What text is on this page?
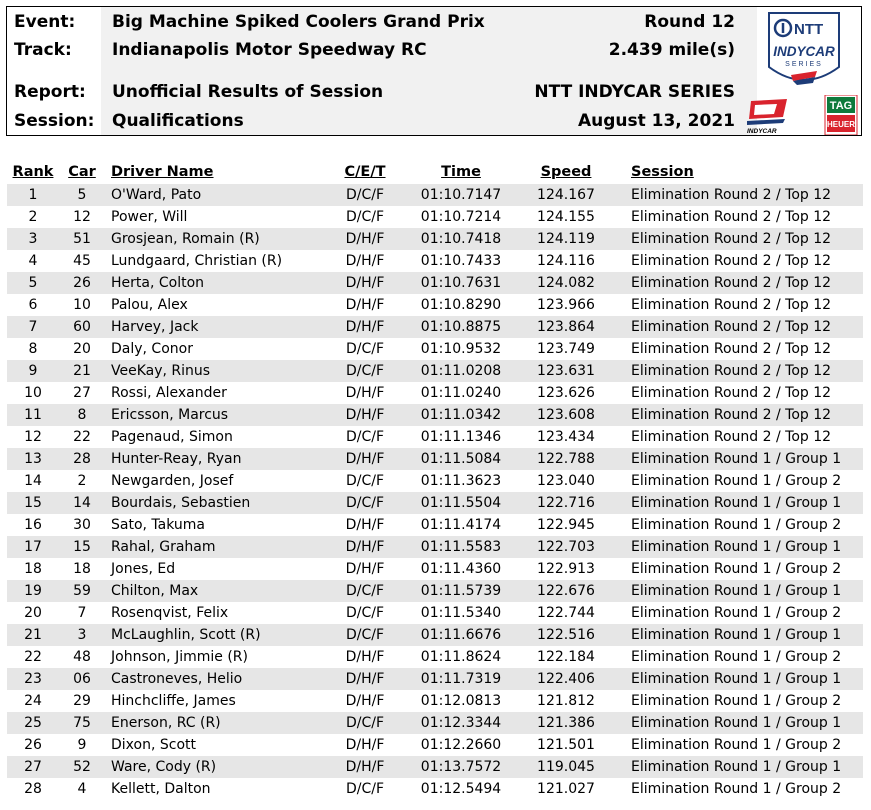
Event: Big Machine Spiked Coolers Grand Prix	Round 12
Track: Indianapolis Motor Speedway RC	2.439 mile(s)
Report: Unofficial Results of Session	NTT INDYCAR SERIES
Session: Qualifications	August 13, 2021
NTT
INDYCAR
SERIES
INDYCAR
TAG
HEUER
Rank	Car	Driver Name	C/E/T	Time	Speed	Session
1	5	O'Ward, Pato	D/C/F	01:10.7147	124.167	Elimination Round 2 / Top 12
2	12	Power, Will	D/C/F	01:10.7214	124.155	Elimination Round 2 / Top 12
3	51	Grosjean, Romain (R)	D/H/F	01:10.7418	124.119	Elimination Round 2 / Top 12
4	45	Lundgaard, Christian (R)	D/H/F	01:10.7433	124.116	Elimination Round 2 / Top 12
5	26	Herta, Colton	D/H/F	01:10.7631	124.082	Elimination Round 2 / Top 12
6	10	Palou, Alex	D/H/F	01:10.8290	123.966	Elimination Round 2 / Top 12
7	60	Harvey, Jack	D/H/F	01:10.8875	123.864	Elimination Round 2 / Top 12
8	20	Daly, Conor	D/C/F	01:10.9532	123.749	Elimination Round 2 / Top 12
9	21	VeeKay, Rinus	D/C/F	01:11.0208	123.631	Elimination Round 2 / Top 12
10	27	Rossi, Alexander	D/H/F	01:11.0240	123.626	Elimination Round 2 / Top 12
11	8	Ericsson, Marcus	D/H/F	01:11.0342	123.608	Elimination Round 2 / Top 12
12	22	Pagenaud, Simon	D/C/F	01:11.1346	123.434	Elimination Round 2 / Top 12
13	28	Hunter-Reay, Ryan	D/H/F	01:11.5084	122.788	Elimination Round 1 / Group 1
14	2	Newgarden, Josef	D/C/F	01:11.3623	123.040	Elimination Round 1 / Group 2
15	14	Bourdais, Sebastien	D/C/F	01:11.5504	122.716	Elimination Round 1 / Group 1
16	30	Sato, Takuma	D/H/F	01:11.4174	122.945	Elimination Round 1 / Group 2
17	15	Rahal, Graham	D/H/F	01:11.5583	122.703	Elimination Round 1 / Group 1
18	18	Jones, Ed	D/H/F	01:11.4360	122.913	Elimination Round 1 / Group 2
19	59	Chilton, Max	D/C/F	01:11.5739	122.676	Elimination Round 1 / Group 1
20	7	Rosenqvist, Felix	D/C/F	01:11.5340	122.744	Elimination Round 1 / Group 2
21	3	McLaughlin, Scott (R)	D/C/F	01:11.6676	122.516	Elimination Round 1 / Group 1
22	48	Johnson, Jimmie (R)	D/H/F	01:11.8624	122.184	Elimination Round 1 / Group 2
23	06	Castroneves, Helio	D/H/F	01:11.7319	122.406	Elimination Round 1 / Group 1
24	29	Hinchcliffe, James	D/H/F	01:12.0813	121.812	Elimination Round 1 / Group 2
25	75	Enerson, RC (R)	D/C/F	01:12.3344	121.386	Elimination Round 1 / Group 1
26	9	Dixon, Scott	D/H/F	01:12.2660	121.501	Elimination Round 1 / Group 2
27	52	Ware, Cody (R)	D/H/F	01:13.7572	119.045	Elimination Round 1 / Group 1
28	4	Kellett, Dalton	D/C/F	01:12.5494	121.027	Elimination Round 1 / Group 2
